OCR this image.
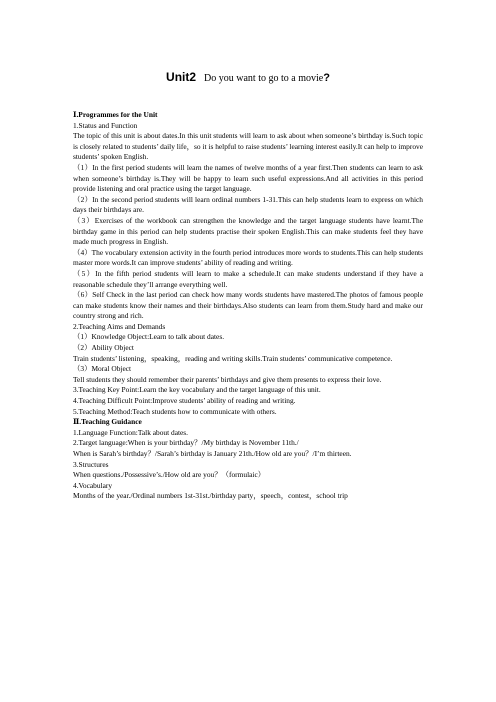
Unit2 Do you want to go to a movie?

Ⅰ.Programmes for the Unit

1.Status and Function

The topic of this unit is about dates.In this unit students will learn to ask about when someone’s birthday is.Such topic is closely related to students’ daily life，so it is helpful to raise students’ learning interest easily.It can help to improve students’ spoken English.

（1）In the first period students will learn the names of twelve months of a year first.Then students can learn to ask when someone’s birthday is.They will be happy to learn such useful expressions.And all activities in this period provide listening and oral practice using the target language.

（2）In the second period students will learn ordinal numbers 1-31.This can help students learn to express on which days their birthdays are.

（3）Exercises of the workbook can strengthen the knowledge and the target language students have learnt.The birthday game in this period can help students practise their spoken English.This can make students feel they have made much progress in English.

（4）The vocabulary extension activity in the fourth period introduces more words to students.This can help students master more words.It can improve students’ ability of reading and writing.

（5）In the fifth period students will learn to make a schedule.It can make students understand if they have a reasonable schedule they’ll arrange everything well.

（6）Self Check in the last period can check how many words students have mastered.The photos of famous people can make students know their names and their birthdays.Also students can learn from them.Study hard and make our country strong and rich.

2.Teaching Aims and Demands

（1）Knowledge Object:Learn to talk about dates.

（2）Ability Object

Train students’ listening，speaking，reading and writing skills.Train students’ communicative competence.

（3）Moral Object

Tell students they should remember their parents’ birthdays and give them presents to express their love.

3.Teaching Key Point:Learn the key vocabulary and the target language of this unit.

4.Teaching Difficult Point:Improve students’ ability of reading and writing.

5.Teaching Method:Teach students how to communicate with others.

Ⅱ.Teaching Guidance

1.Language Function:Talk about dates.

2.Target language:When is your birthday？/My birthday is November 11th./

When is Sarah’s birthday？/Sarah’s birthday is January 21th./How old are you？/I’m thirteen.

3.Structures

When questions./Possessive’s./How old are you？（formulaic）

4.Vocabulary

Months of the year./Ordinal numbers 1st-31st./birthday party，speech，contest，school trip
